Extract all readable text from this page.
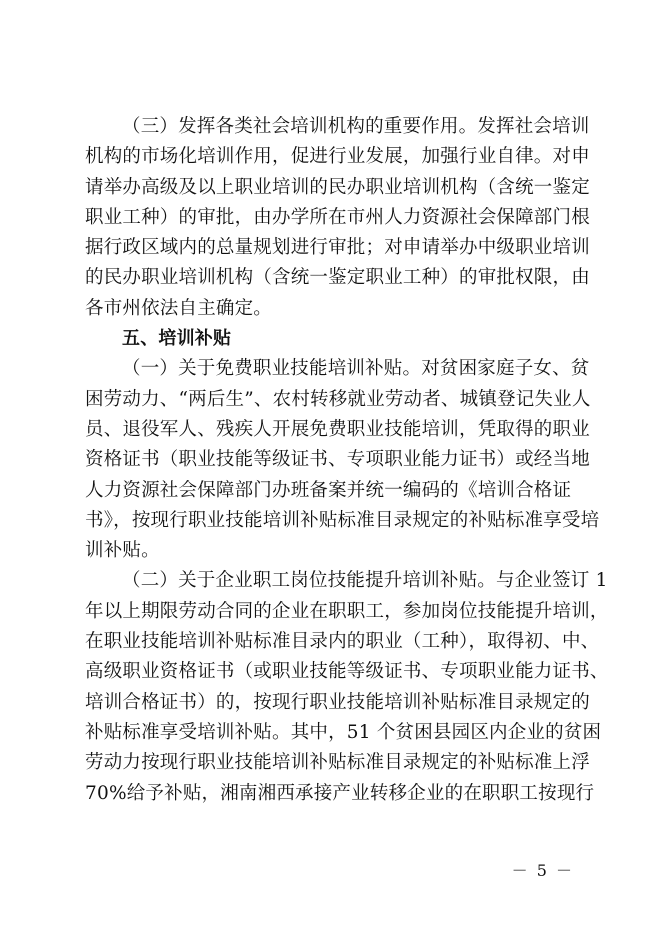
（三）发挥各类社会培训机构的重要作用。发挥社会培训
机构的市场化培训作用，促进行业发展，加强行业自律。对申
请举办高级及以上职业培训的民办职业培训机构（含统一鉴定
职业工种）的审批，由办学所在市州人力资源社会保障部门根
据行政区域内的总量规划进行审批；对申请举办中级职业培训
的民办职业培训机构（含统一鉴定职业工种）的审批权限，由
各市州依法自主确定。

五、培训补贴

（一）关于免费职业技能培训补贴。对贫困家庭子女、贫
困劳动力、“两后生”、农村转移就业劳动者、城镇登记失业人
员、退役军人、残疾人开展免费职业技能培训，凭取得的职业
资格证书（职业技能等级证书、专项职业能力证书）或经当地
人力资源社会保障部门办班备案并统一编码的《培训合格证
书》，按现行职业技能培训补贴标准目录规定的补贴标准享受培
训补贴。

（二）关于企业职工岗位技能提升培训补贴。与企业签订 1
年以上期限劳动合同的企业在职职工，参加岗位技能提升培训，
在职业技能培训补贴标准目录内的职业（工种），取得初、中、
高级职业资格证书（或职业技能等级证书、专项职业能力证书、
培训合格证书）的，按现行职业技能培训补贴标准目录规定的
补贴标准享受培训补贴。其中，51 个贫困县园区内企业的贫困
劳动力按现行职业技能培训补贴标准目录规定的补贴标准上浮
70%给予补贴，湘南湘西承接产业转移企业的在职职工按现行

－ 5 －
